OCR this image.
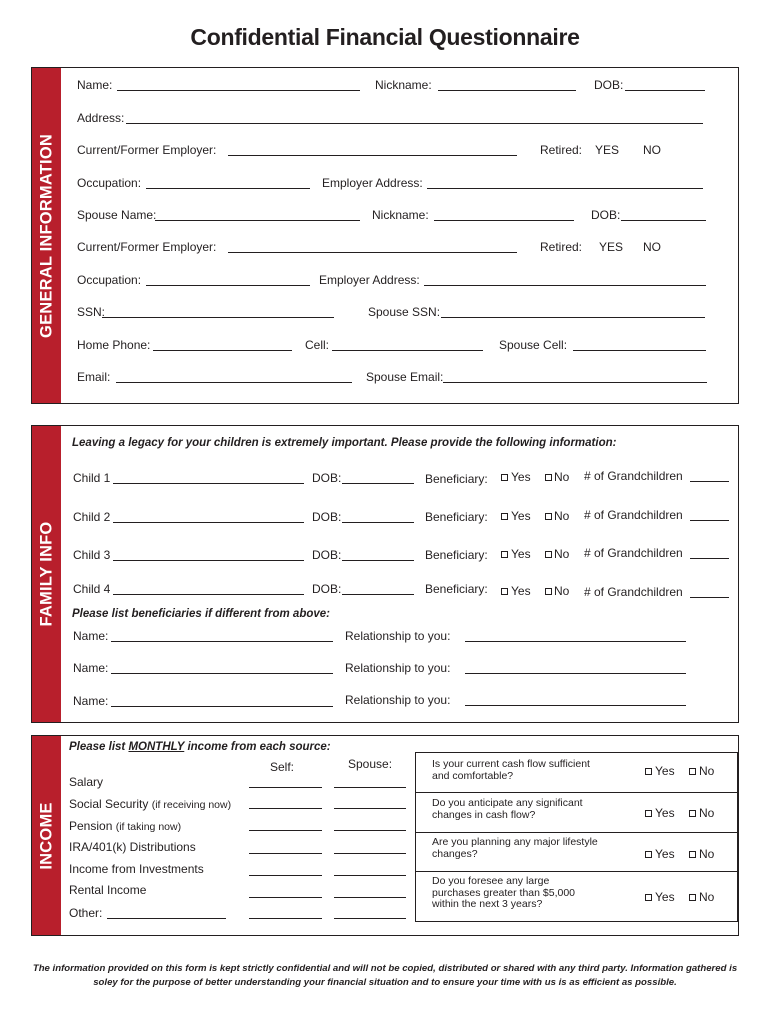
Confidential Financial Questionnaire
GENERAL INFORMATION
Name:	Nickname:	DOB:
Address:
Current/Former Employer:	Retired: YES NO
Occupation:	Employer Address:
Spouse Name:	Nickname:	DOB:
Current/Former Employer:	Retired: YES NO
Occupation:	Employer Address:
SSN:	Spouse SSN:
Home Phone:	Cell:	Spouse Cell:
Email:	Spouse Email:
FAMILY INFO
Leaving a legacy for your children is extremely important. Please provide the following information:
Child 1	DOB:	Beneficiary: Yes No # of Grandchildren
Child 2	DOB:	Beneficiary: Yes No # of Grandchildren
Child 3	DOB:	Beneficiary: Yes No # of Grandchildren
Child 4	DOB:	Beneficiary: Yes No # of Grandchildren
Please list beneficiaries if different from above:
Name:	Relationship to you:
Name:	Relationship to you:
Name:	Relationship to you:
INCOME
Please list MONTHLY income from each source:
Self:	Spouse:
Salary
Social Security (if receiving now)
Pension (if taking now)
IRA/401(k) Distributions
Income from Investments
Rental Income
Other:
Is your current cash flow sufficient and comfortable?	Yes No
Do you anticipate any significant changes in cash flow?	Yes No
Are you planning any major lifestyle changes?	Yes No
Do you foresee any large purchases greater than $5,000 within the next 3 years?	Yes No
The information provided on this form is kept strictly confidential and will not be copied, distributed or shared with any third party. Information gathered is soley for the purpose of better understanding your financial situation and to ensure your time with us is as efficient as possible.
